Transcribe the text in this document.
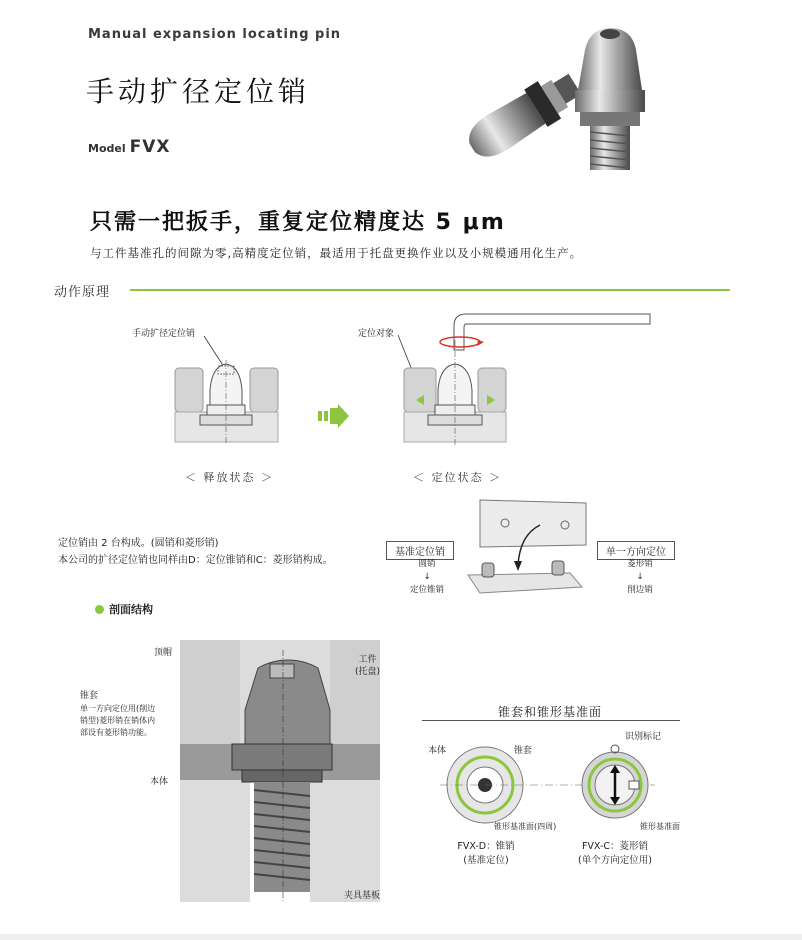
Manual expansion locating pin
手动扩径定位销
Model FVX
只需一把扳手，重复定位精度达 5 μm
与工件基准孔的间隙为零,高精度定位销，最适用于托盘更换作业以及小规模通用化生产。
动作原理
手动扩径定位销
＜ 释放状态 ＞
定位对象
＜ 定位状态 ＞
定位销由 2 台构成。(圆销和菱形销)
本公司的扩径定位销也同样由D：定位锥销和C：菱形销构成。
基准定位销
圆销
↓
定位锥销
单一方向定位
菱形销
↓
削边销
剖面结构
顶帽
锥套
单一方向定位用(削边
销型)菱形销在销体内
部设有菱形销功能。
本体
工件
(托盘)
夹具基板
锥套和锥形基准面
本体	锥套
识别标记
锥形基准面(四周)	锥形基准面
FVX-D：锥销
(基准定位)
FVX-C：菱形销
(单个方向定位用)
